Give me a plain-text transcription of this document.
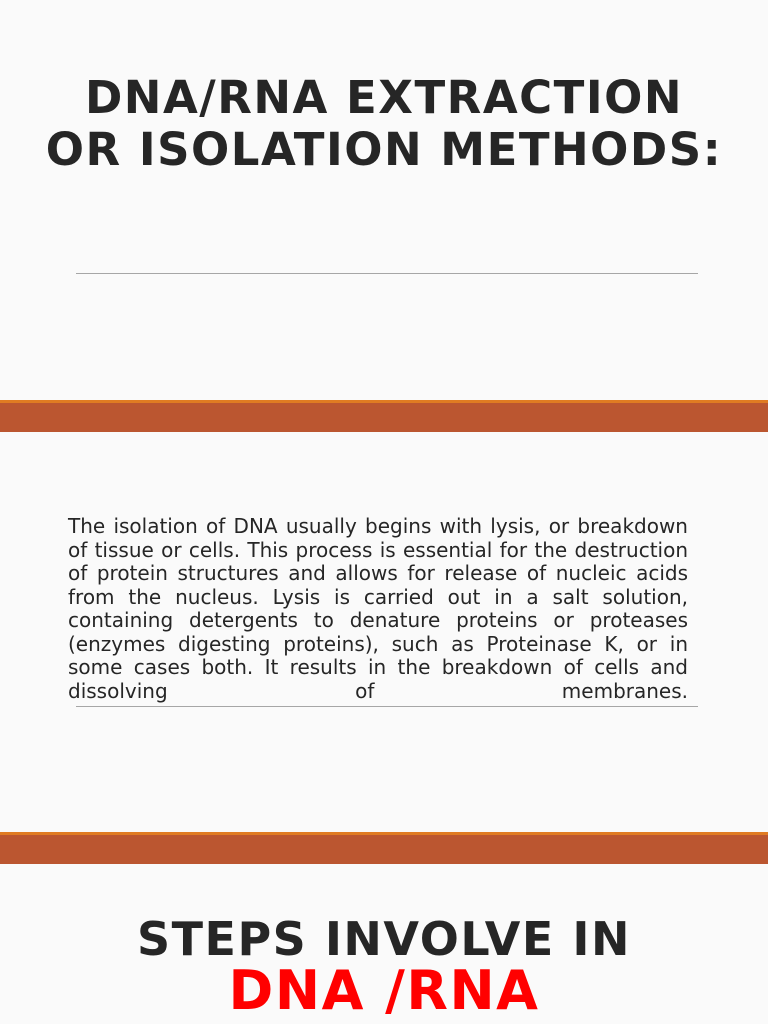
DNA/RNA EXTRACTION OR ISOLATION METHODS:

The isolation of DNA usually begins with lysis, or breakdown of tissue or cells. This process is essential for the destruction of protein structures and allows for release of nucleic acids from the nucleus. Lysis is carried out in a salt solution, containing detergents to denature proteins or proteases (enzymes digesting proteins), such as Proteinase K, or in some cases both. It results in the breakdown of cells and dissolving of membranes.

STEPS INVOLVE IN
DNA /RNA
